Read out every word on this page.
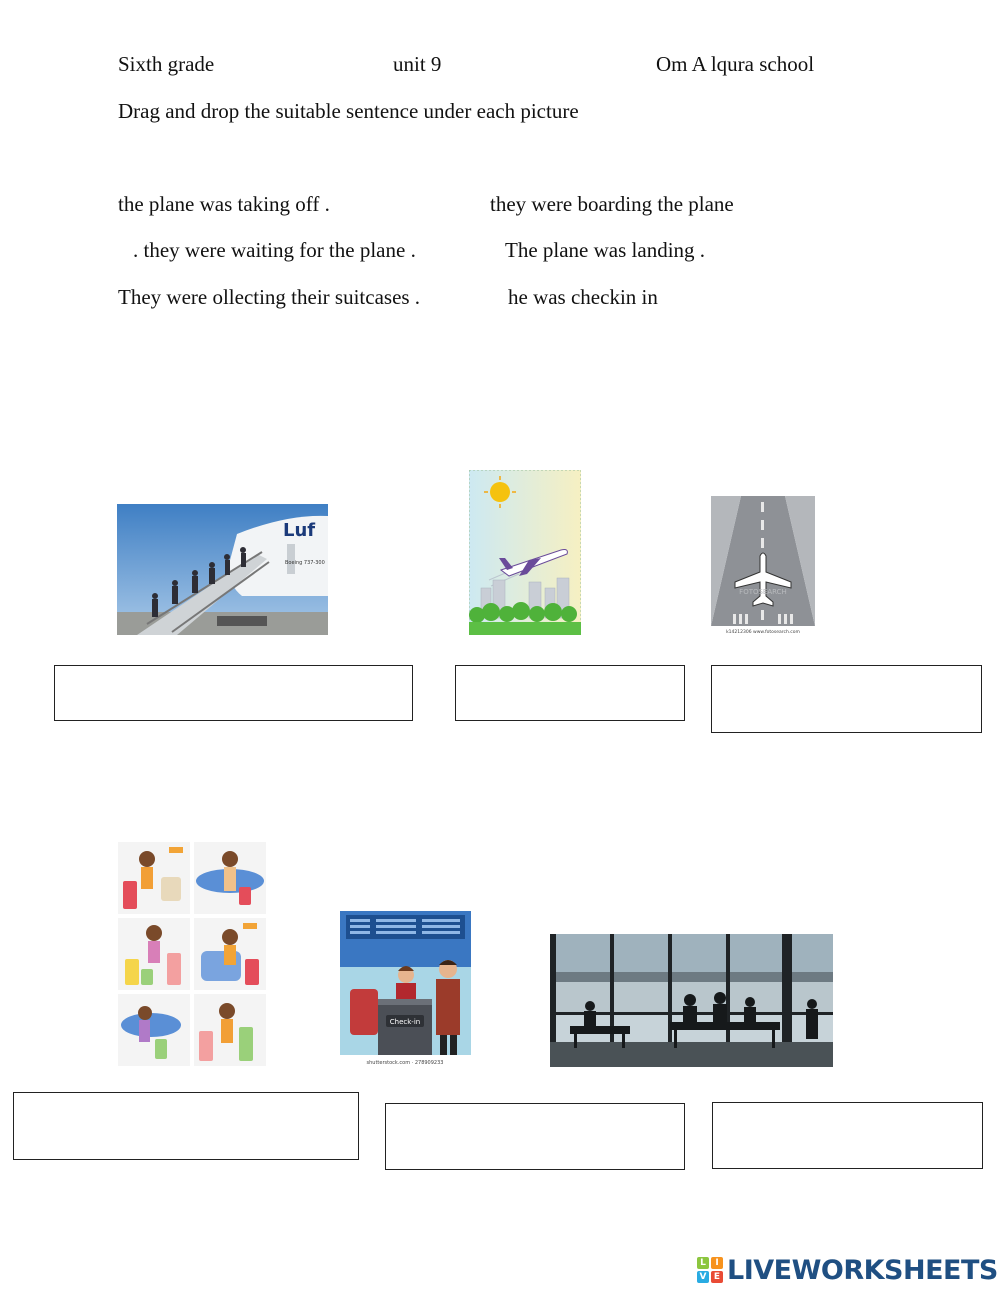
Sixth grade	unit 9	Om A lqura school
Drag and drop the suitable sentence under each picture
the plane was taking off .	they were boarding the plane
. they were waiting for the plane .	The plane was landing .
They were ollecting their suitcases .	he was checkin in
Luf
Boeing 737-300
FOTOSEARCH
k14212306 www.fotosearch.com
Check-in
shutterstock.com · 278909233
L	I
V E LIVEWORKSHEETS
